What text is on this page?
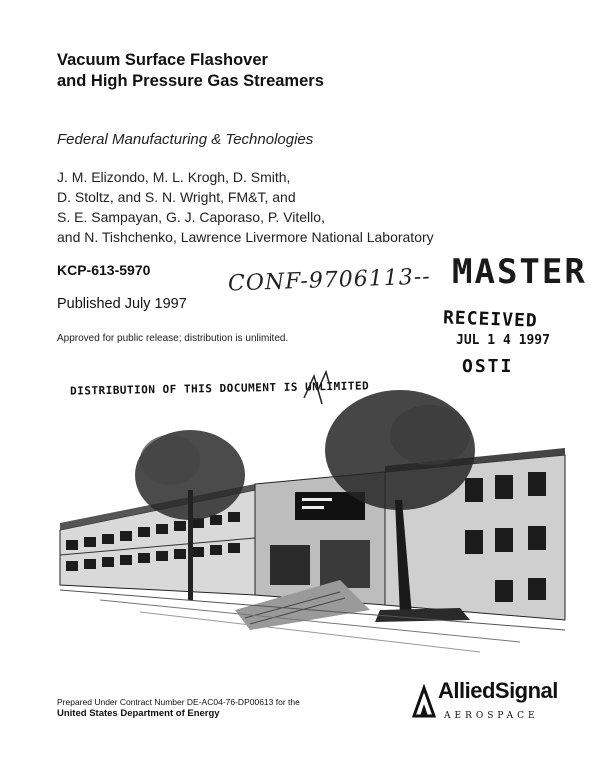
Vacuum Surface Flashover
and High Pressure Gas Streamers
Federal Manufacturing & Technologies
J. M. Elizondo, M. L. Krogh, D. Smith,
D. Stoltz, and S. N. Wright, FM&T, and
S. E. Sampayan, G. J. Caporaso, P. Vitello,
and N. Tishchenko, Lawrence Livermore National Laboratory
KCP-613-5970	CONF-9706113-- MASTER
RECEIVED
JUL 1 4 1997
OSTI
Published July 1997
Approved for public release; distribution is unlimited.
DISTRIBUTION OF THIS DOCUMENT IS UNLIMITED
Prepared Under Contract Number DE-AC04-76-DP00613 for the
United States Department of Energy
AlliedSignal
AEROSPACE
